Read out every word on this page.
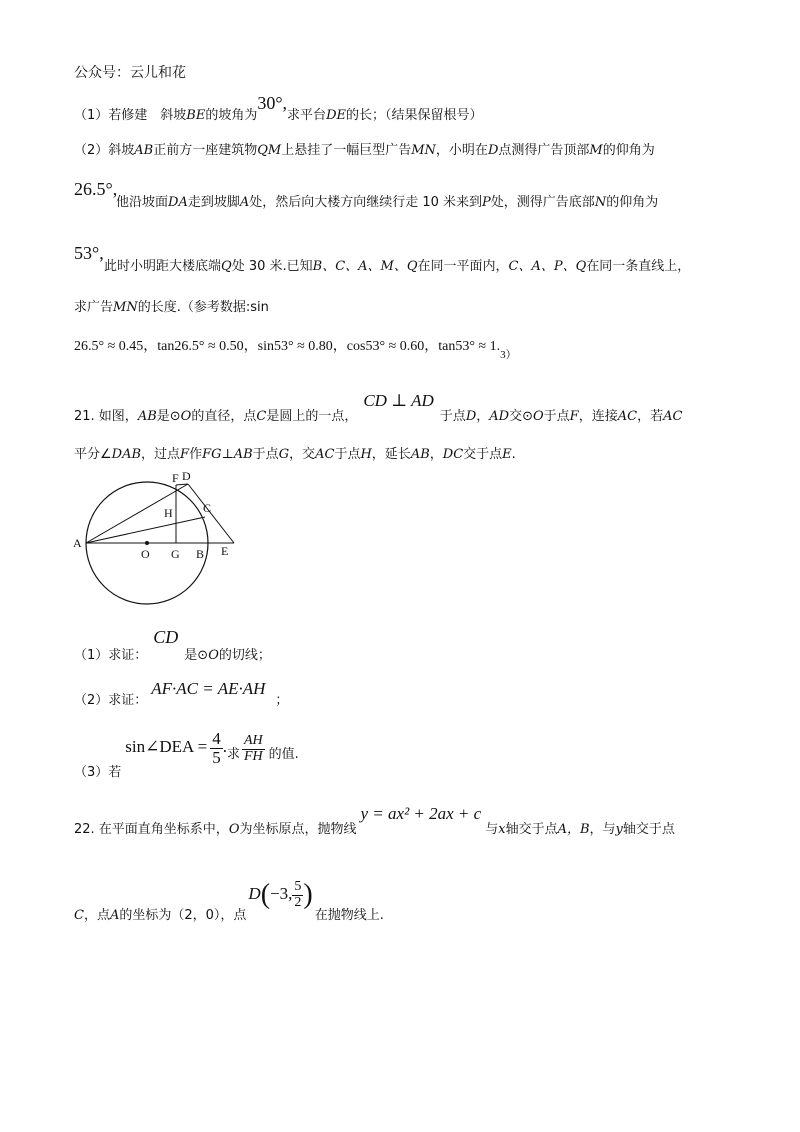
公众号：云儿和花
（1）若修建　斜坡BE的坡角为30°,求平台DE的长；（结果保留根号）
（2）斜坡AB正前方一座建筑物QM上悬挂了一幅巨型广告MN，小明在D点测得广告顶部M的仰角为
26.5°,
他沿坡面DA走到坡脚A处，然后向大楼方向继续行走 10 米来到P处，测得广告底部N的仰角为
53°,
此时小明距大楼底端Q处 30 米.已知B、C、A、M、Q在同一平面内，C、A、P、Q在同一条直线上，
求广告MN的长度.（参考数据:sin
26.5° ≈ 0.45，tan26.5° ≈ 0.50，sin53° ≈ 0.80，cos53° ≈ 0.60，$\tan 53^\circ \approx 1._{3)}$
21. 如图，AB是⊙O的直径，点C是圆上的一点，CD ⊥ AD于点D，AD交⊙O于点F，连接AC，若AC
平分∠DAB，过点F作FG⊥AB于点G，交AC于点H，延长AB，DC交于点E.
F D
C
H
A
O G B E
（1）求证：CD是⊙O的切线；
（2）求证：AF·AC = AE·AH；
（3）若sin∠DEA = $\frac{4}{5}$ .求 $\frac{AH}{FH}$ 的值.
22. 在平面直角坐标系中，O为坐标原点，抛物线y = ax² + 2ax + c与x轴交于点A，B，与y轴交于点
C，点A的坐标为（2，0），点D(−3, $\frac{5}{2}$ )在抛物线上.
